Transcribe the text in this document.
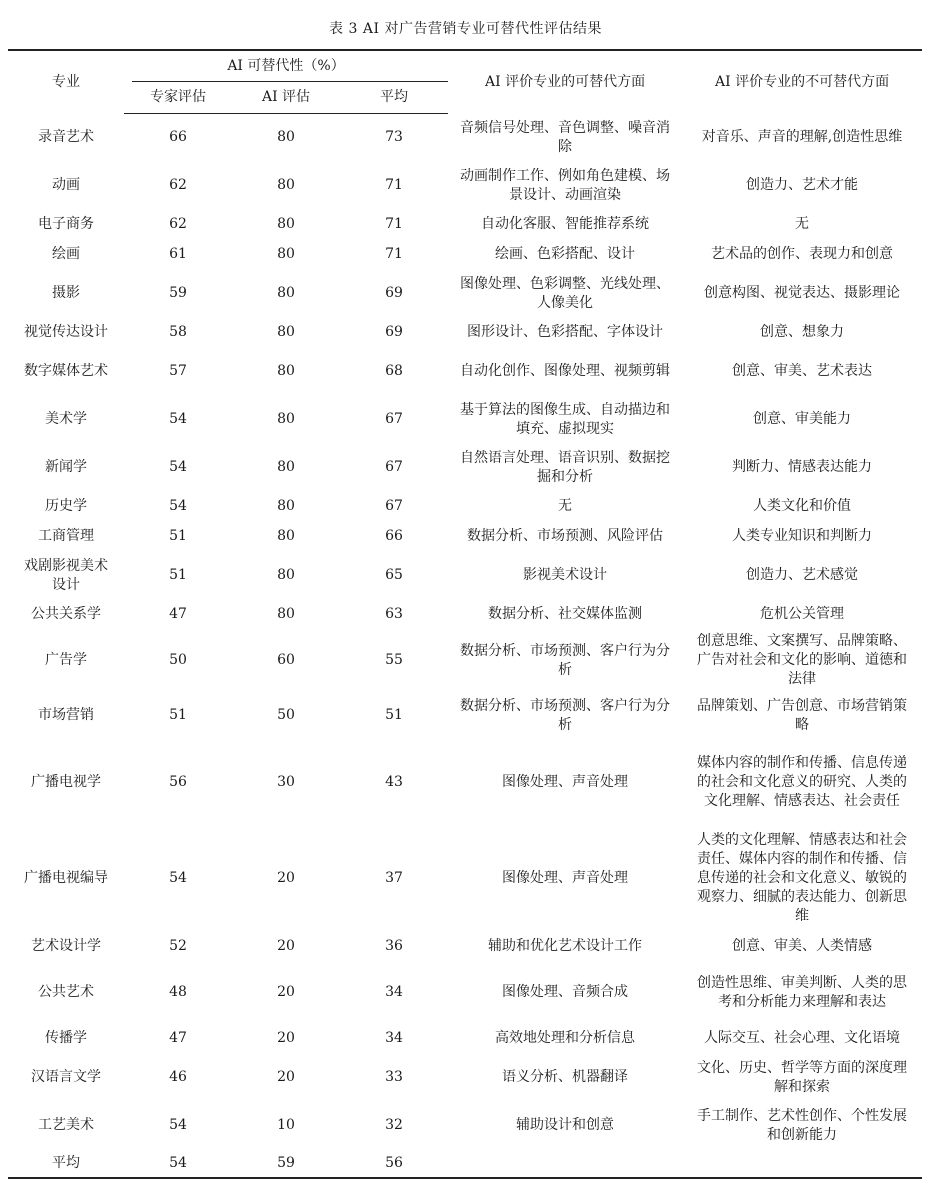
表 3 AI 对广告营销专业可替代性评估结果
专业	AI 可替代性（%）			AI 评价专业的可替代方面	AI 评价专业的不可替代方面
	专家评估	AI 评估	平均		
录音艺术	66	80	73	音频信号处理、音色调整、噪音消除	对音乐、声音的理解,创造性思维
动画	62	80	71	动画制作工作、例如角色建模、场景设计、动画渲染	创造力、艺术才能
电子商务	62	80	71	自动化客服、智能推荐系统	无
绘画	61	80	71	绘画、色彩搭配、设计	艺术品的创作、表现力和创意
摄影	59	80	69	图像处理、色彩调整、光线处理、人像美化	创意构图、视觉表达、摄影理论
视觉传达设计	58	80	69	图形设计、色彩搭配、字体设计	创意、想象力
数字媒体艺术	57	80	68	自动化创作、图像处理、视频剪辑	创意、审美、艺术表达
美术学	54	80	67	基于算法的图像生成、自动描边和填充、虚拟现实	创意、审美能力
新闻学	54	80	67	自然语言处理、语音识别、数据挖掘和分析	判断力、情感表达能力
历史学	54	80	67	无	人类文化和价值
工商管理	51	80	66	数据分析、市场预测、风险评估	人类专业知识和判断力
戏剧影视美术设计	51	80	65	影视美术设计	创造力、艺术感觉
公共关系学	47	80	63	数据分析、社交媒体监测	危机公关管理
广告学	50	60	55	数据分析、市场预测、客户行为分析	创意思维、文案撰写、品牌策略、广告对社会和文化的影响、道德和法律
市场营销	51	50	51	数据分析、市场预测、客户行为分析	品牌策划、广告创意、市场营销策略
广播电视学	56	30	43	图像处理、声音处理	媒体内容的制作和传播、信息传递的社会和文化意义的研究、人类的文化理解、情感表达、社会责任
广播电视编导	54	20	37	图像处理、声音处理	人类的文化理解、情感表达和社会责任、媒体内容的制作和传播、信息传递的社会和文化意义、敏锐的观察力、细腻的表达能力、创新思维
艺术设计学	52	20	36	辅助和优化艺术设计工作	创意、审美、人类情感
公共艺术	48	20	34	图像处理、音频合成	创造性思维、审美判断、人类的思考和分析能力来理解和表达
传播学	47	20	34	高效地处理和分析信息	人际交互、社会心理、文化语境
汉语言文学	46	20	33	语义分析、机器翻译	文化、历史、哲学等方面的深度理解和探索
工艺美术	54	10	32	辅助设计和创意	手工制作、艺术性创作、个性发展和创新能力
平均	54	59	56		
